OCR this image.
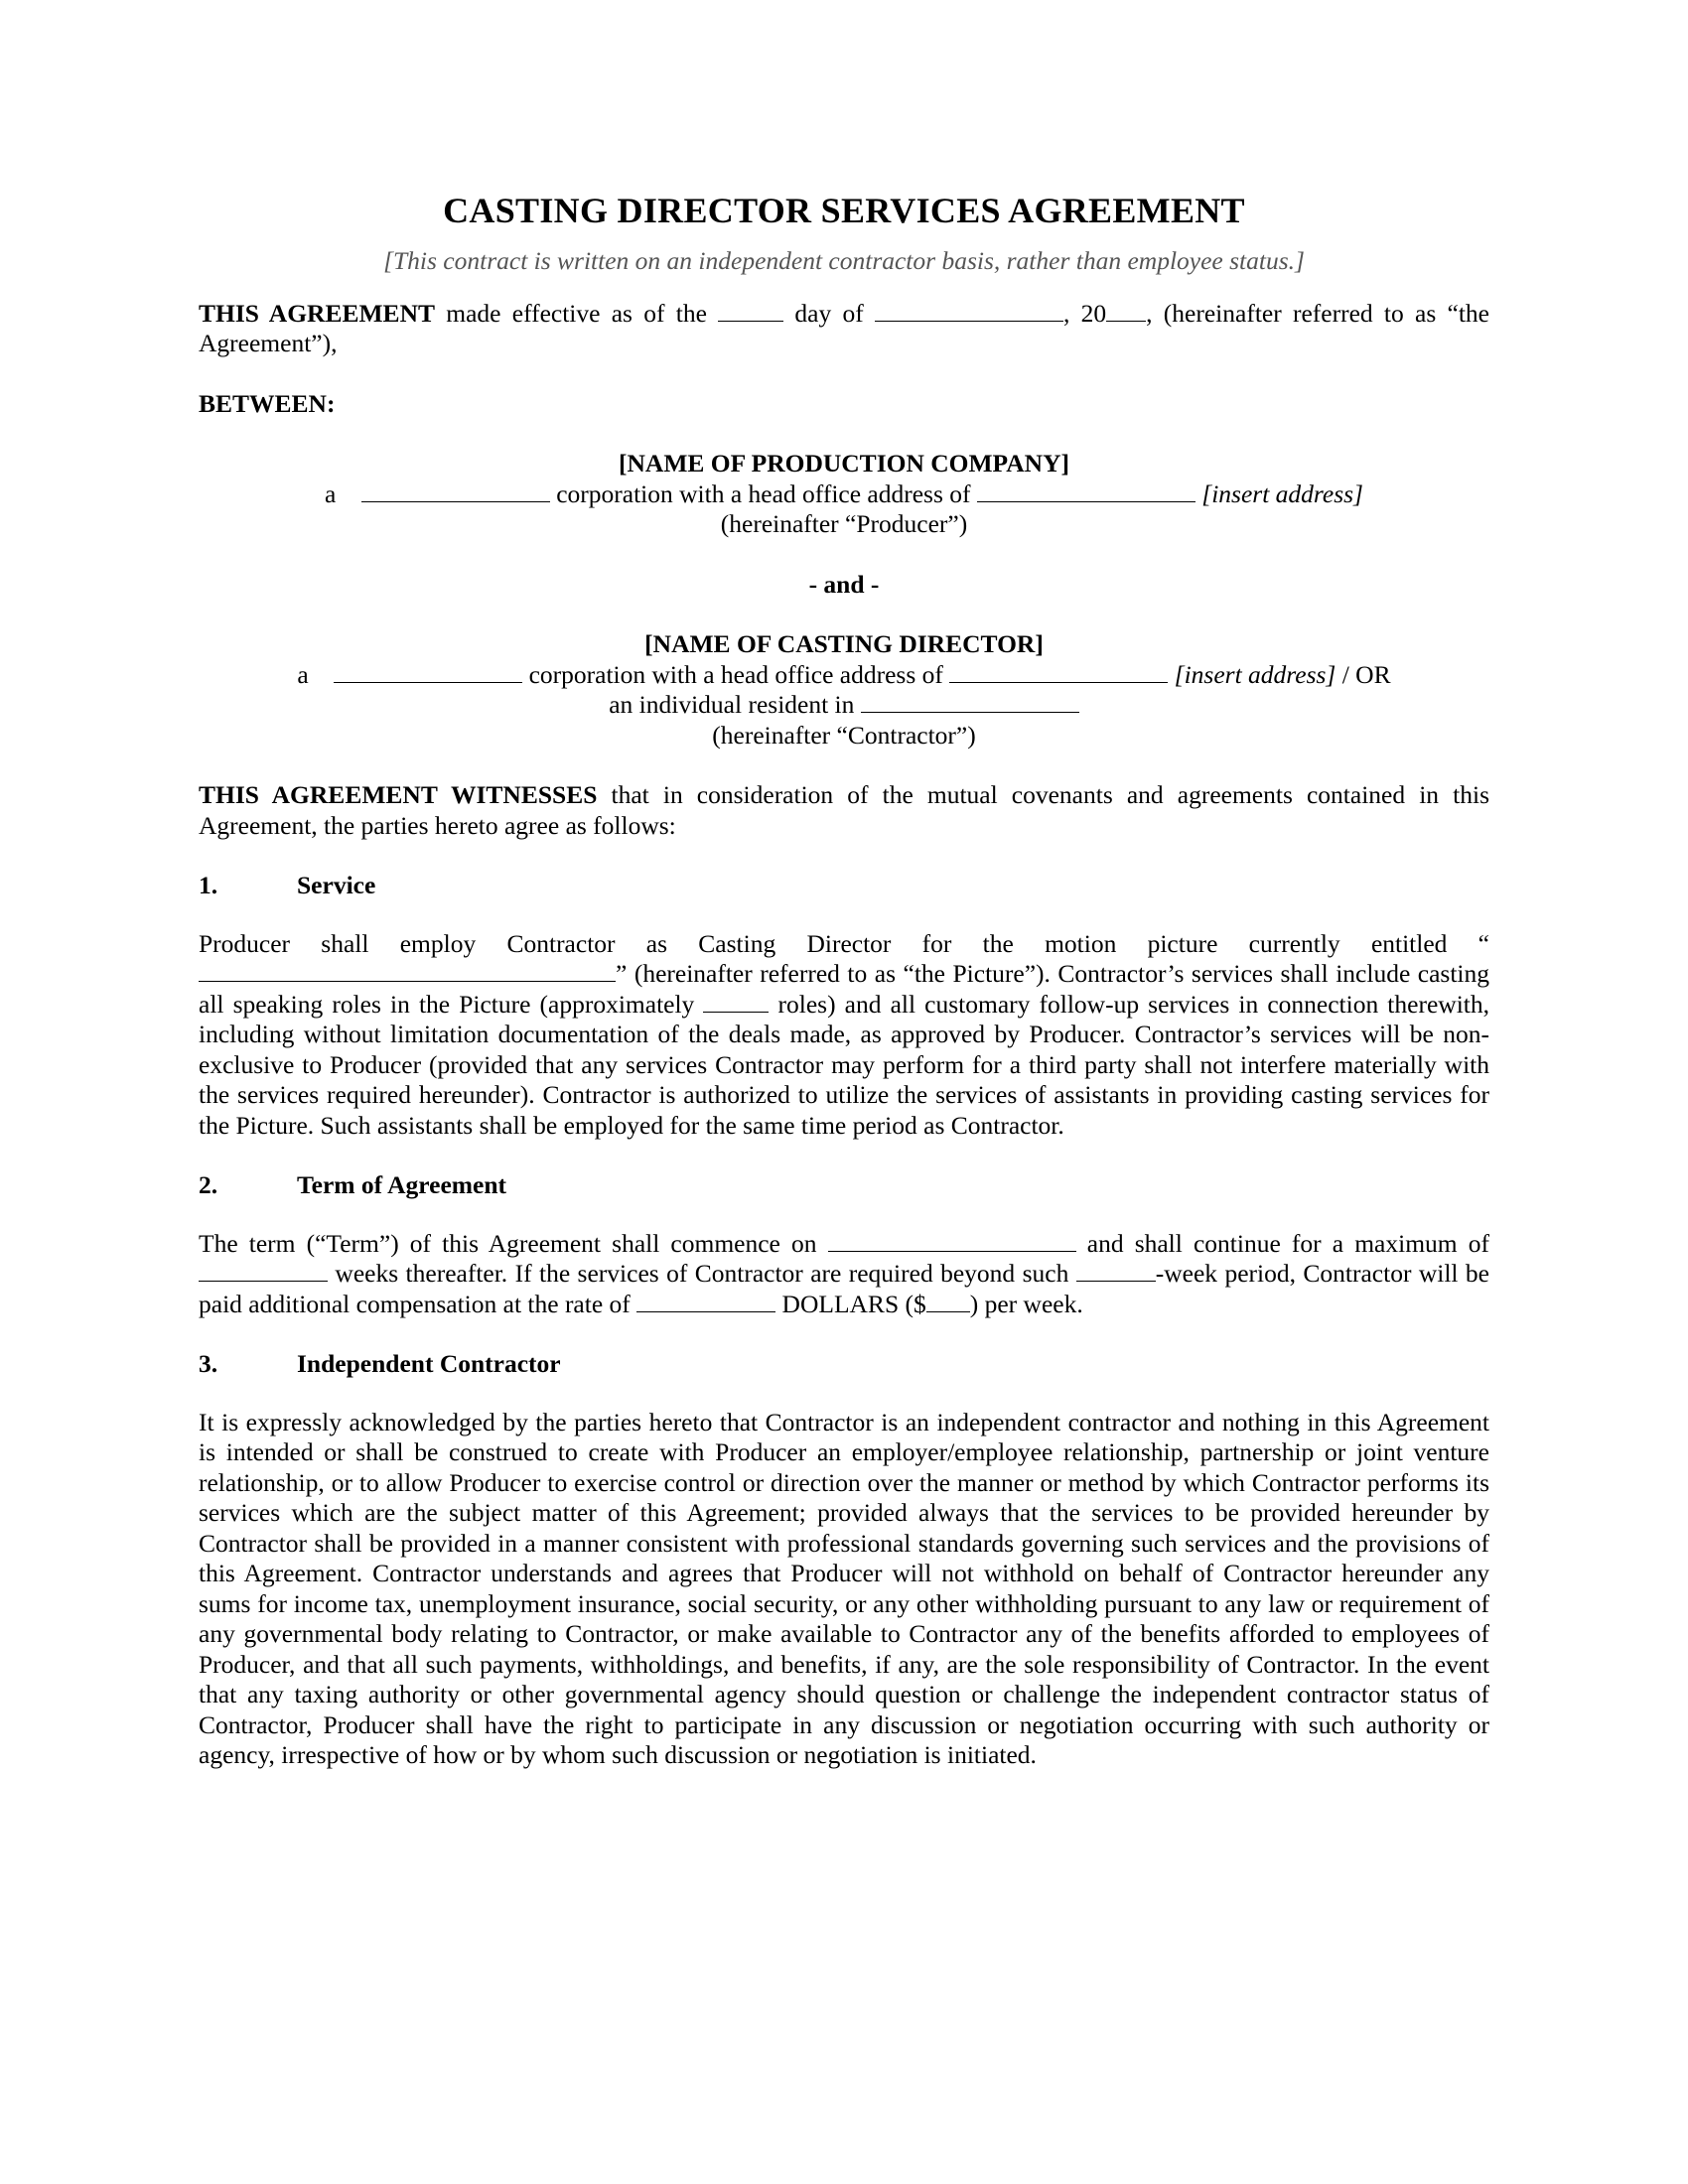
CASTING DIRECTOR SERVICES AGREEMENT
[This contract is written on an independent contractor basis, rather than employee status.]

THIS AGREEMENT made effective as of the	day of	, 20 , (hereinafter referred to as “the Agreement”),

BETWEEN:
[NAME OF PRODUCTION COMPANY]
a	corporation with a head office address of	[insert address]
(hereinafter “Producer”)
- and -
[NAME OF CASTING DIRECTOR]
a	corporation with a head office address of	[insert address] / OR
an individual resident in
(hereinafter “Contractor”)

THIS AGREEMENT WITNESSES that in consideration of the mutual covenants and agreements contained in this Agreement, the parties hereto agree as follows:

1.	Service

Producer shall employ Contractor as Casting Director for the motion picture currently entitled “” (hereinafter referred to as “the Picture”). Contractor’s services shall include casting all speaking roles in the Picture (approximately	roles) and all customary follow-up services in connection therewith, including without limitation documentation of the deals made, as approved by Producer. Contractor’s services will be non-exclusive to Producer (provided that any services Contractor may perform for a third party shall not interfere materially with the services required hereunder). Contractor is authorized to utilize the services of assistants in providing casting services for the Picture. Such assistants shall be employed for the same time period as Contractor.

2.	Term of Agreement

The term (“Term”) of this Agreement shall commence on	and shall continue for a maximum of  weeks thereafter. If the services of Contractor are required beyond such	-week period, Contractor will be paid additional compensation at the rate of	DOLLARS ($ ) per week.

3.	Independent Contractor

It is expressly acknowledged by the parties hereto that Contractor is an independent contractor and nothing in this Agreement is intended or shall be construed to create with Producer an employer/employee relationship, partnership or joint venture relationship, or to allow Producer to exercise control or direction over the manner or method by which Contractor performs its services which are the subject matter of this Agreement; provided always that the services to be provided hereunder by Contractor shall be provided in a manner consistent with professional standards governing such services and the provisions of this Agreement. Contractor understands and agrees that Producer will not withhold on behalf of Contractor hereunder any sums for income tax, unemployment insurance, social security, or any other withholding pursuant to any law or requirement of any governmental body relating to Contractor, or make available to Contractor any of the benefits afforded to employees of Producer, and that all such payments, withholdings, and benefits, if any, are the sole responsibility of Contractor. In the event that any taxing authority or other governmental agency should question or challenge the independent contractor status of Contractor, Producer shall have the right to participate in any discussion or negotiation occurring with such authority or agency, irrespective of how or by whom such discussion or negotiation is initiated.
